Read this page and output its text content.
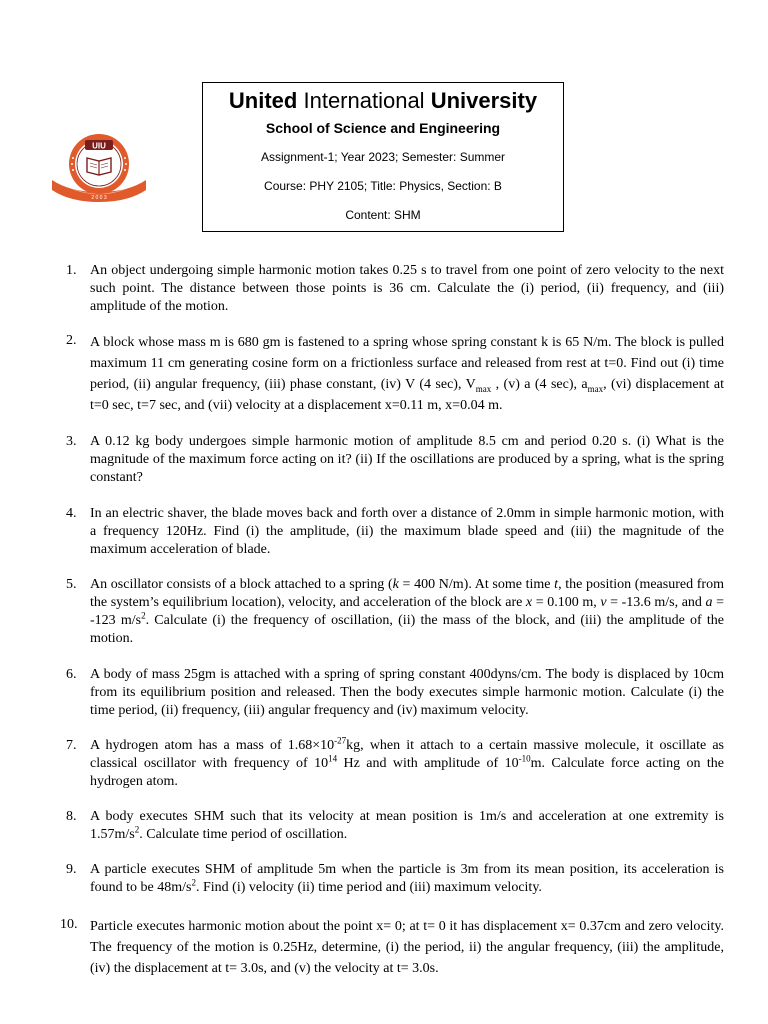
UIU
2 0 0 3
United International University
School of Science and Engineering
Assignment-1; Year 2023; Semester: Summer
Course: PHY 2105; Title: Physics, Section: B
Content: SHM
1. An object undergoing simple harmonic motion takes 0.25 s to travel from one point of zero velocity to the next such point. The distance between those points is 36 cm. Calculate the (i) period, (ii) frequency, and (iii) amplitude of the motion.
2. A block whose mass m is 680 gm is fastened to a spring whose spring constant k is 65 N/m. The block is pulled maximum 11 cm generating cosine form on a frictionless surface and released from rest at t=0. Find out (i) time period, (ii) angular frequency, (iii) phase constant, (iv) V (4 sec), $V_{max}$ , (v) a (4 sec), $a_{max}$, (vi) displacement at t=0 sec, t=7 sec, and (vii) velocity at a displacement x=0.11 m, x=0.04 m.
3. A 0.12 kg body undergoes simple harmonic motion of amplitude 8.5 cm and period 0.20 s. (i) What is the magnitude of the maximum force acting on it? (ii) If the oscillations are produced by a spring, what is the spring constant?
4. In an electric shaver, the blade moves back and forth over a distance of 2.0mm in simple harmonic motion, with a frequency 120Hz. Find (i) the amplitude, (ii) the maximum blade speed and (iii) the magnitude of the maximum acceleration of blade.
5. An oscillator consists of a block attached to a spring (k = 400 N/m). At some time t, the position (measured from the system’s equilibrium location), velocity, and acceleration of the block are x = 0.100 m, v = -13.6 m/s, and a = -123 $m/s^2$. Calculate (i) the frequency of oscillation, (ii) the mass of the block, and (iii) the amplitude of the motion.
6. A body of mass 25gm is attached with a spring of spring constant 400dyns/cm. The body is displaced by 10cm from its equilibrium position and released. Then the body executes simple harmonic motion. Calculate (i) the time period, (ii) frequency, (iii) angular frequency and (iv) maximum velocity.
7. A hydrogen atom has a mass of $1.68\times 10^{-27}kg$, when it attach to a certain massive molecule, it oscillate as classical oscillator with frequency of $10^{14}$ Hz and with amplitude of $10^{-10}m$. Calculate force acting on the hydrogen atom.
8. A body executes SHM such that its velocity at mean position is 1m/s and acceleration at one extremity is $1.57m/s^2$. Calculate time period of oscillation.
9. A particle executes SHM of amplitude 5m when the particle is 3m from its mean position, its acceleration is found to be $48m/s^2$. Find (i) velocity (ii) time period and (iii) maximum velocity.
10. Particle executes harmonic motion about the point x= 0; at t= 0 it has displacement x= 0.37cm and zero velocity. The frequency of the motion is 0.25Hz, determine, (i) the period, ii) the angular frequency, (iii) the amplitude, (iv) the displacement at t= 3.0s, and (v) the velocity at t= 3.0s.
